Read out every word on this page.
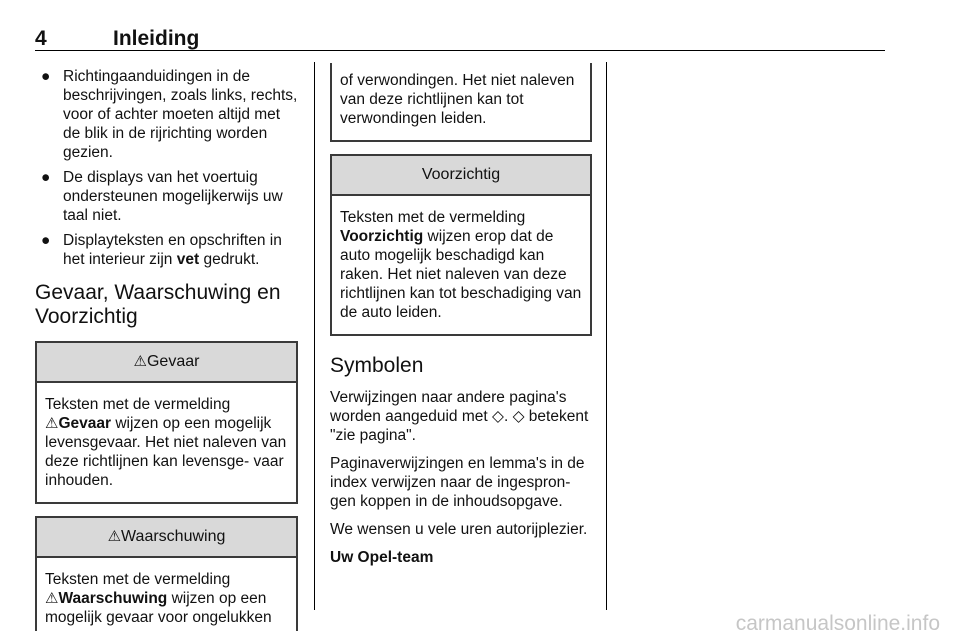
4	Inleiding
● Richtingaanduidingen in de beschrijvingen, zoals links, rechts, voor of achter moeten altijd met de blik in de rijrichting worden gezien.
● De displays van het voertuig ondersteunen mogelijkerwijs uw taal niet.
● Displayteksten en opschriften in het interieur zijn vet gedrukt.
Gevaar, Waarschuwing en Voorzichtig
⚠Gevaar
Teksten met de vermelding
⚠Gevaar wijzen op een mogelijk levensgevaar. Het niet naleven van deze richtlijnen kan levensge‐ vaar inhouden.
⚠Waarschuwing
Teksten met de vermelding
⚠Waarschuwing wijzen op een mogelijk gevaar voor ongelukken
of verwondingen. Het niet naleven van deze richtlijnen kan tot verwondingen leiden.
Voorzichtig
Teksten met de vermelding
Voorzichtig wijzen erop dat de auto mogelijk beschadigd kan raken. Het niet naleven van deze richtlijnen kan tot beschadiging van de auto leiden.
Symbolen

Verwijzingen naar andere pagina's worden aangeduid met ◇. ◇ betekent "zie pagina".

Paginaverwijzingen en lemma's in de index verwijzen naar de ingespron‐ gen koppen in de inhoudsopgave.

We wensen u vele uren autorijplezier.

Uw Opel-team

carmanualsonline.info
